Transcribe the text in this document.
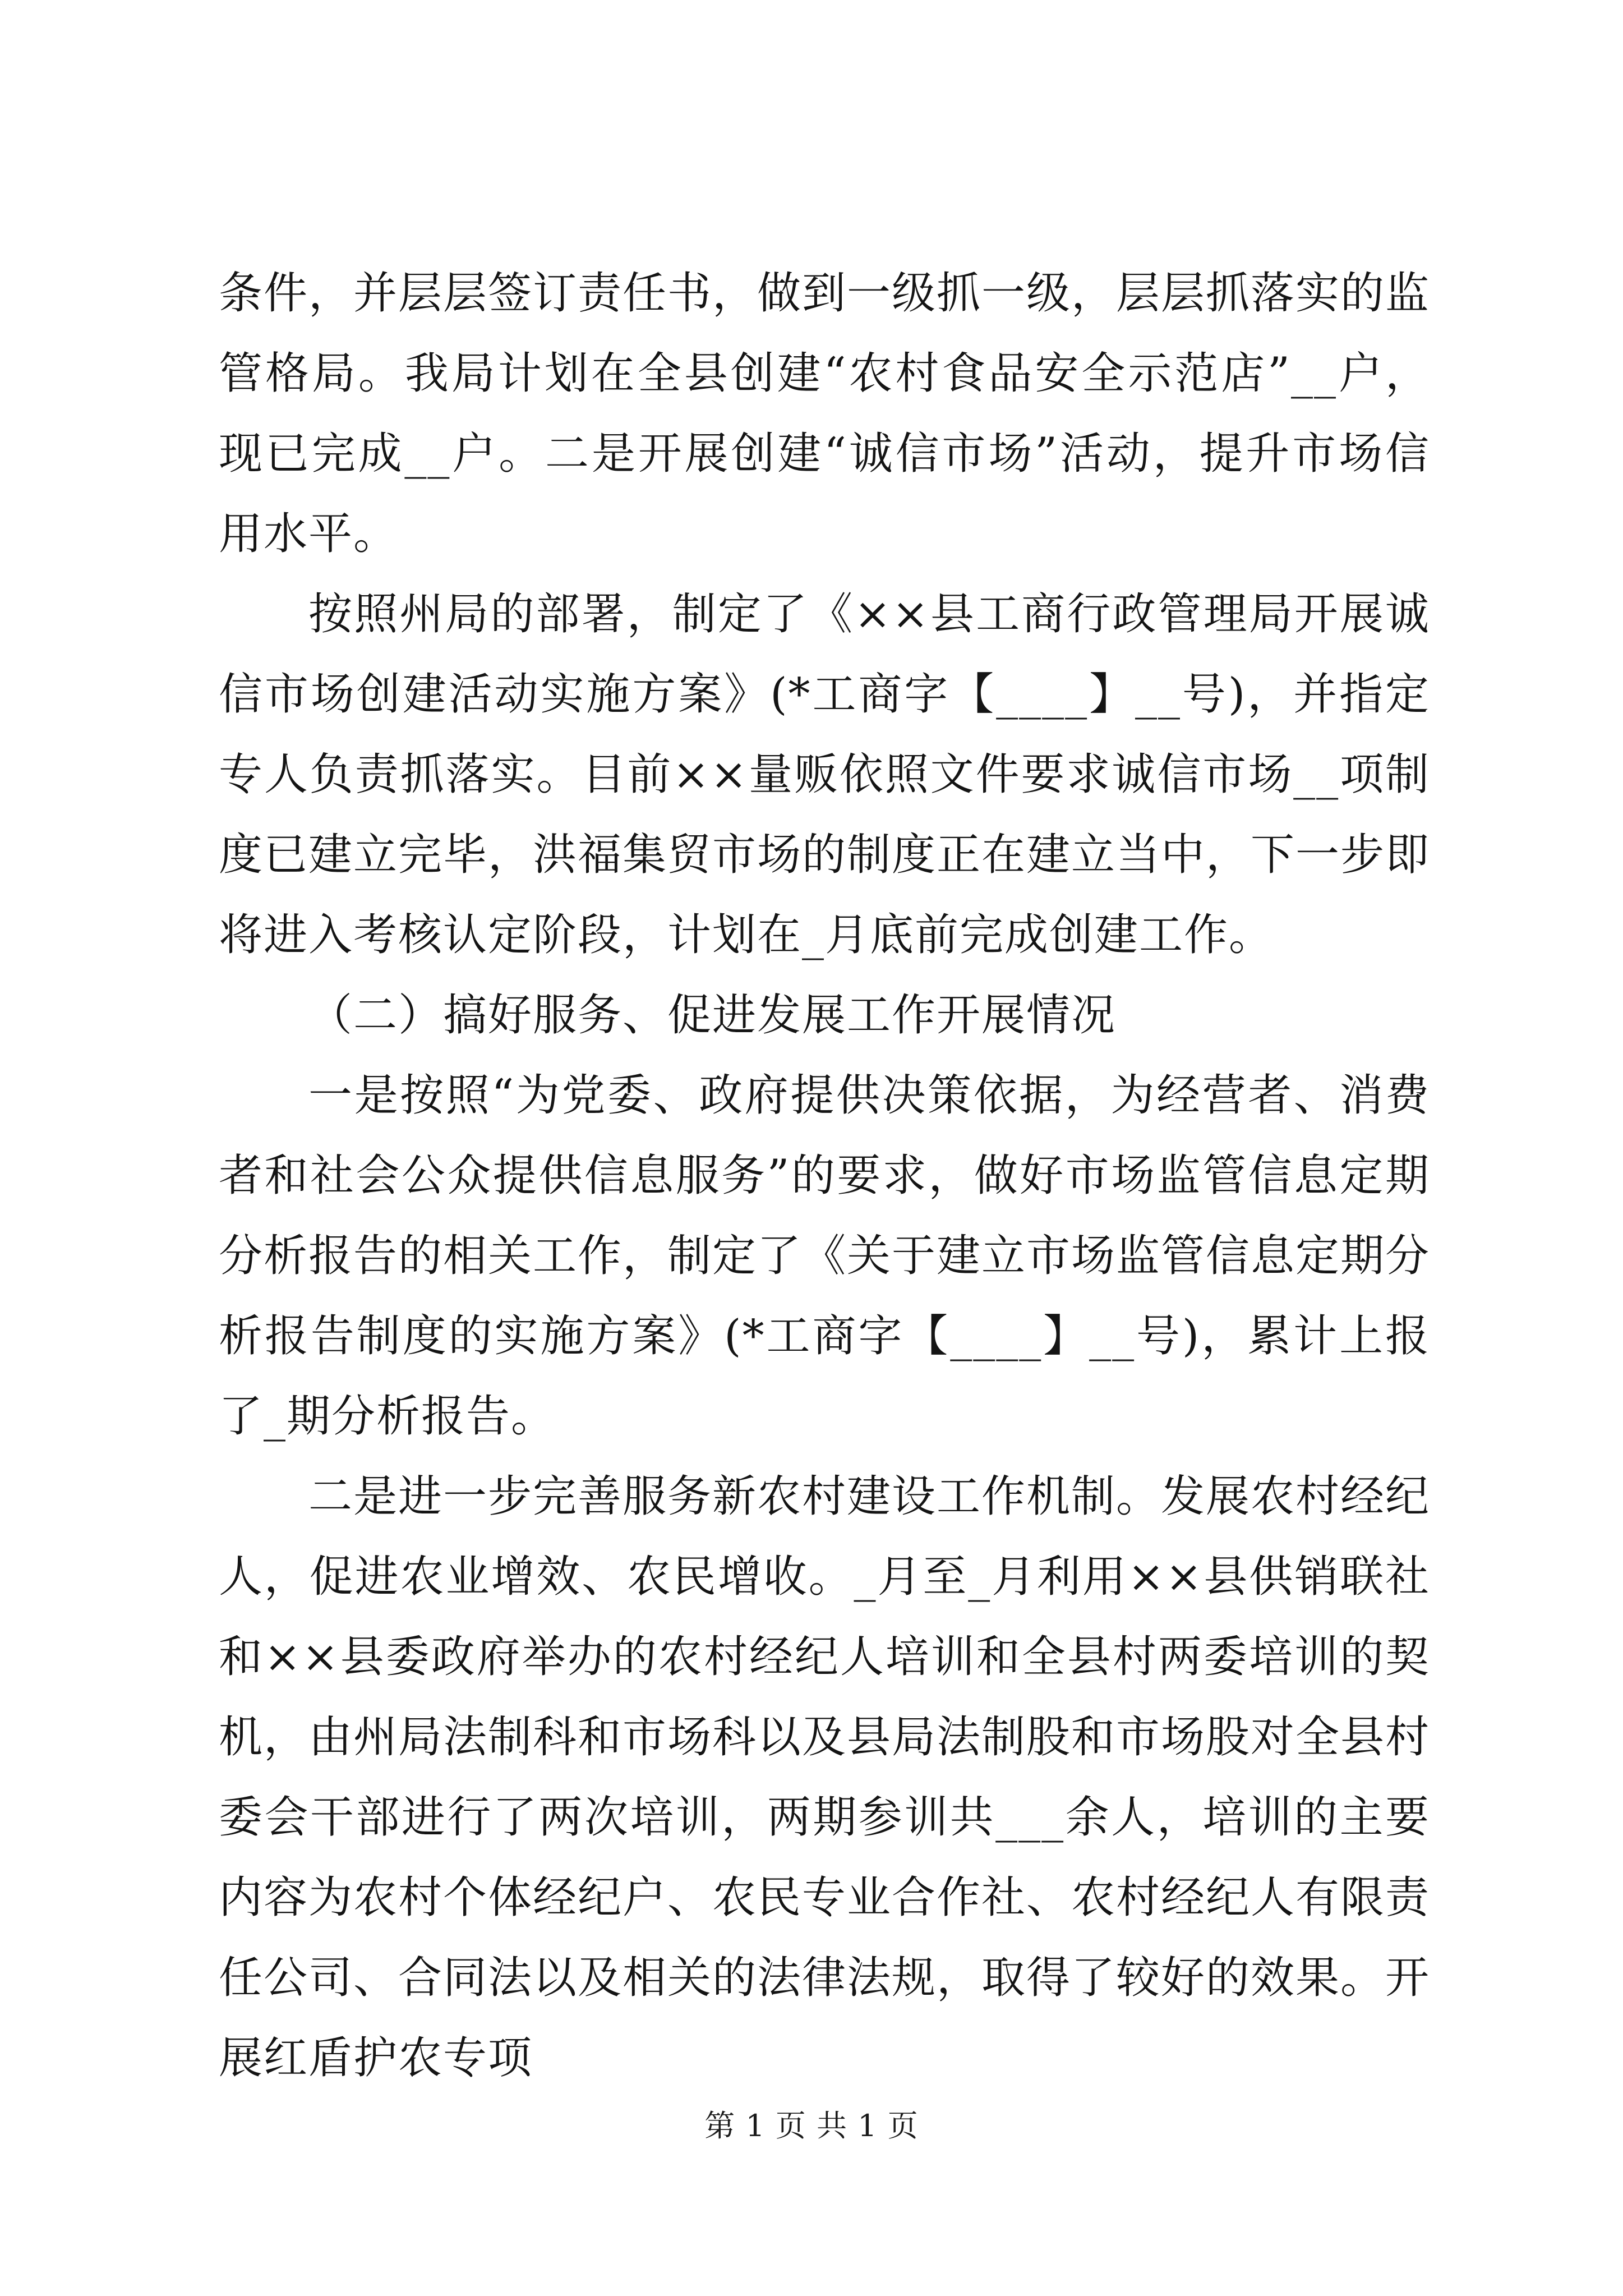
条件，并层层签订责任书，做到一级抓一级，层层抓落实的监管格局。我局计划在全县创建“农村食品安全示范店”__户，现已完成__户。二是开展创建“诚信市场”活动，提升市场信用水平。

按照州局的部署，制定了《××县工商行政管理局开展诚信市场创建活动实施方案》(*工商字【____】__号)，并指定专人负责抓落实。目前××量贩依照文件要求诚信市场__项制度已建立完毕，洪福集贸市场的制度正在建立当中，下一步即将进入考核认定阶段，计划在_月底前完成创建工作。

（二）搞好服务、促进发展工作开展情况

一是按照“为党委、政府提供决策依据，为经营者、消费者和社会公众提供信息服务”的要求，做好市场监管信息定期分析报告的相关工作，制定了《关于建立市场监管信息定期分析报告制度的实施方案》(*工商字【____】__号)，累计上报了_期分析报告。

二是进一步完善服务新农村建设工作机制。发展农村经纪人，促进农业增效、农民增收。_月至_月利用××县供销联社和××县委政府举办的农村经纪人培训和全县村两委培训的契机，由州局法制科和市场科以及县局法制股和市场股对全县村委会干部进行了两次培训，两期参训共___余人，培训的主要内容为农村个体经纪户、农民专业合作社、农村经纪人有限责任公司、合同法以及相关的法律法规，取得了较好的效果。开展红盾护农专项

第 1 页 共 1 页
